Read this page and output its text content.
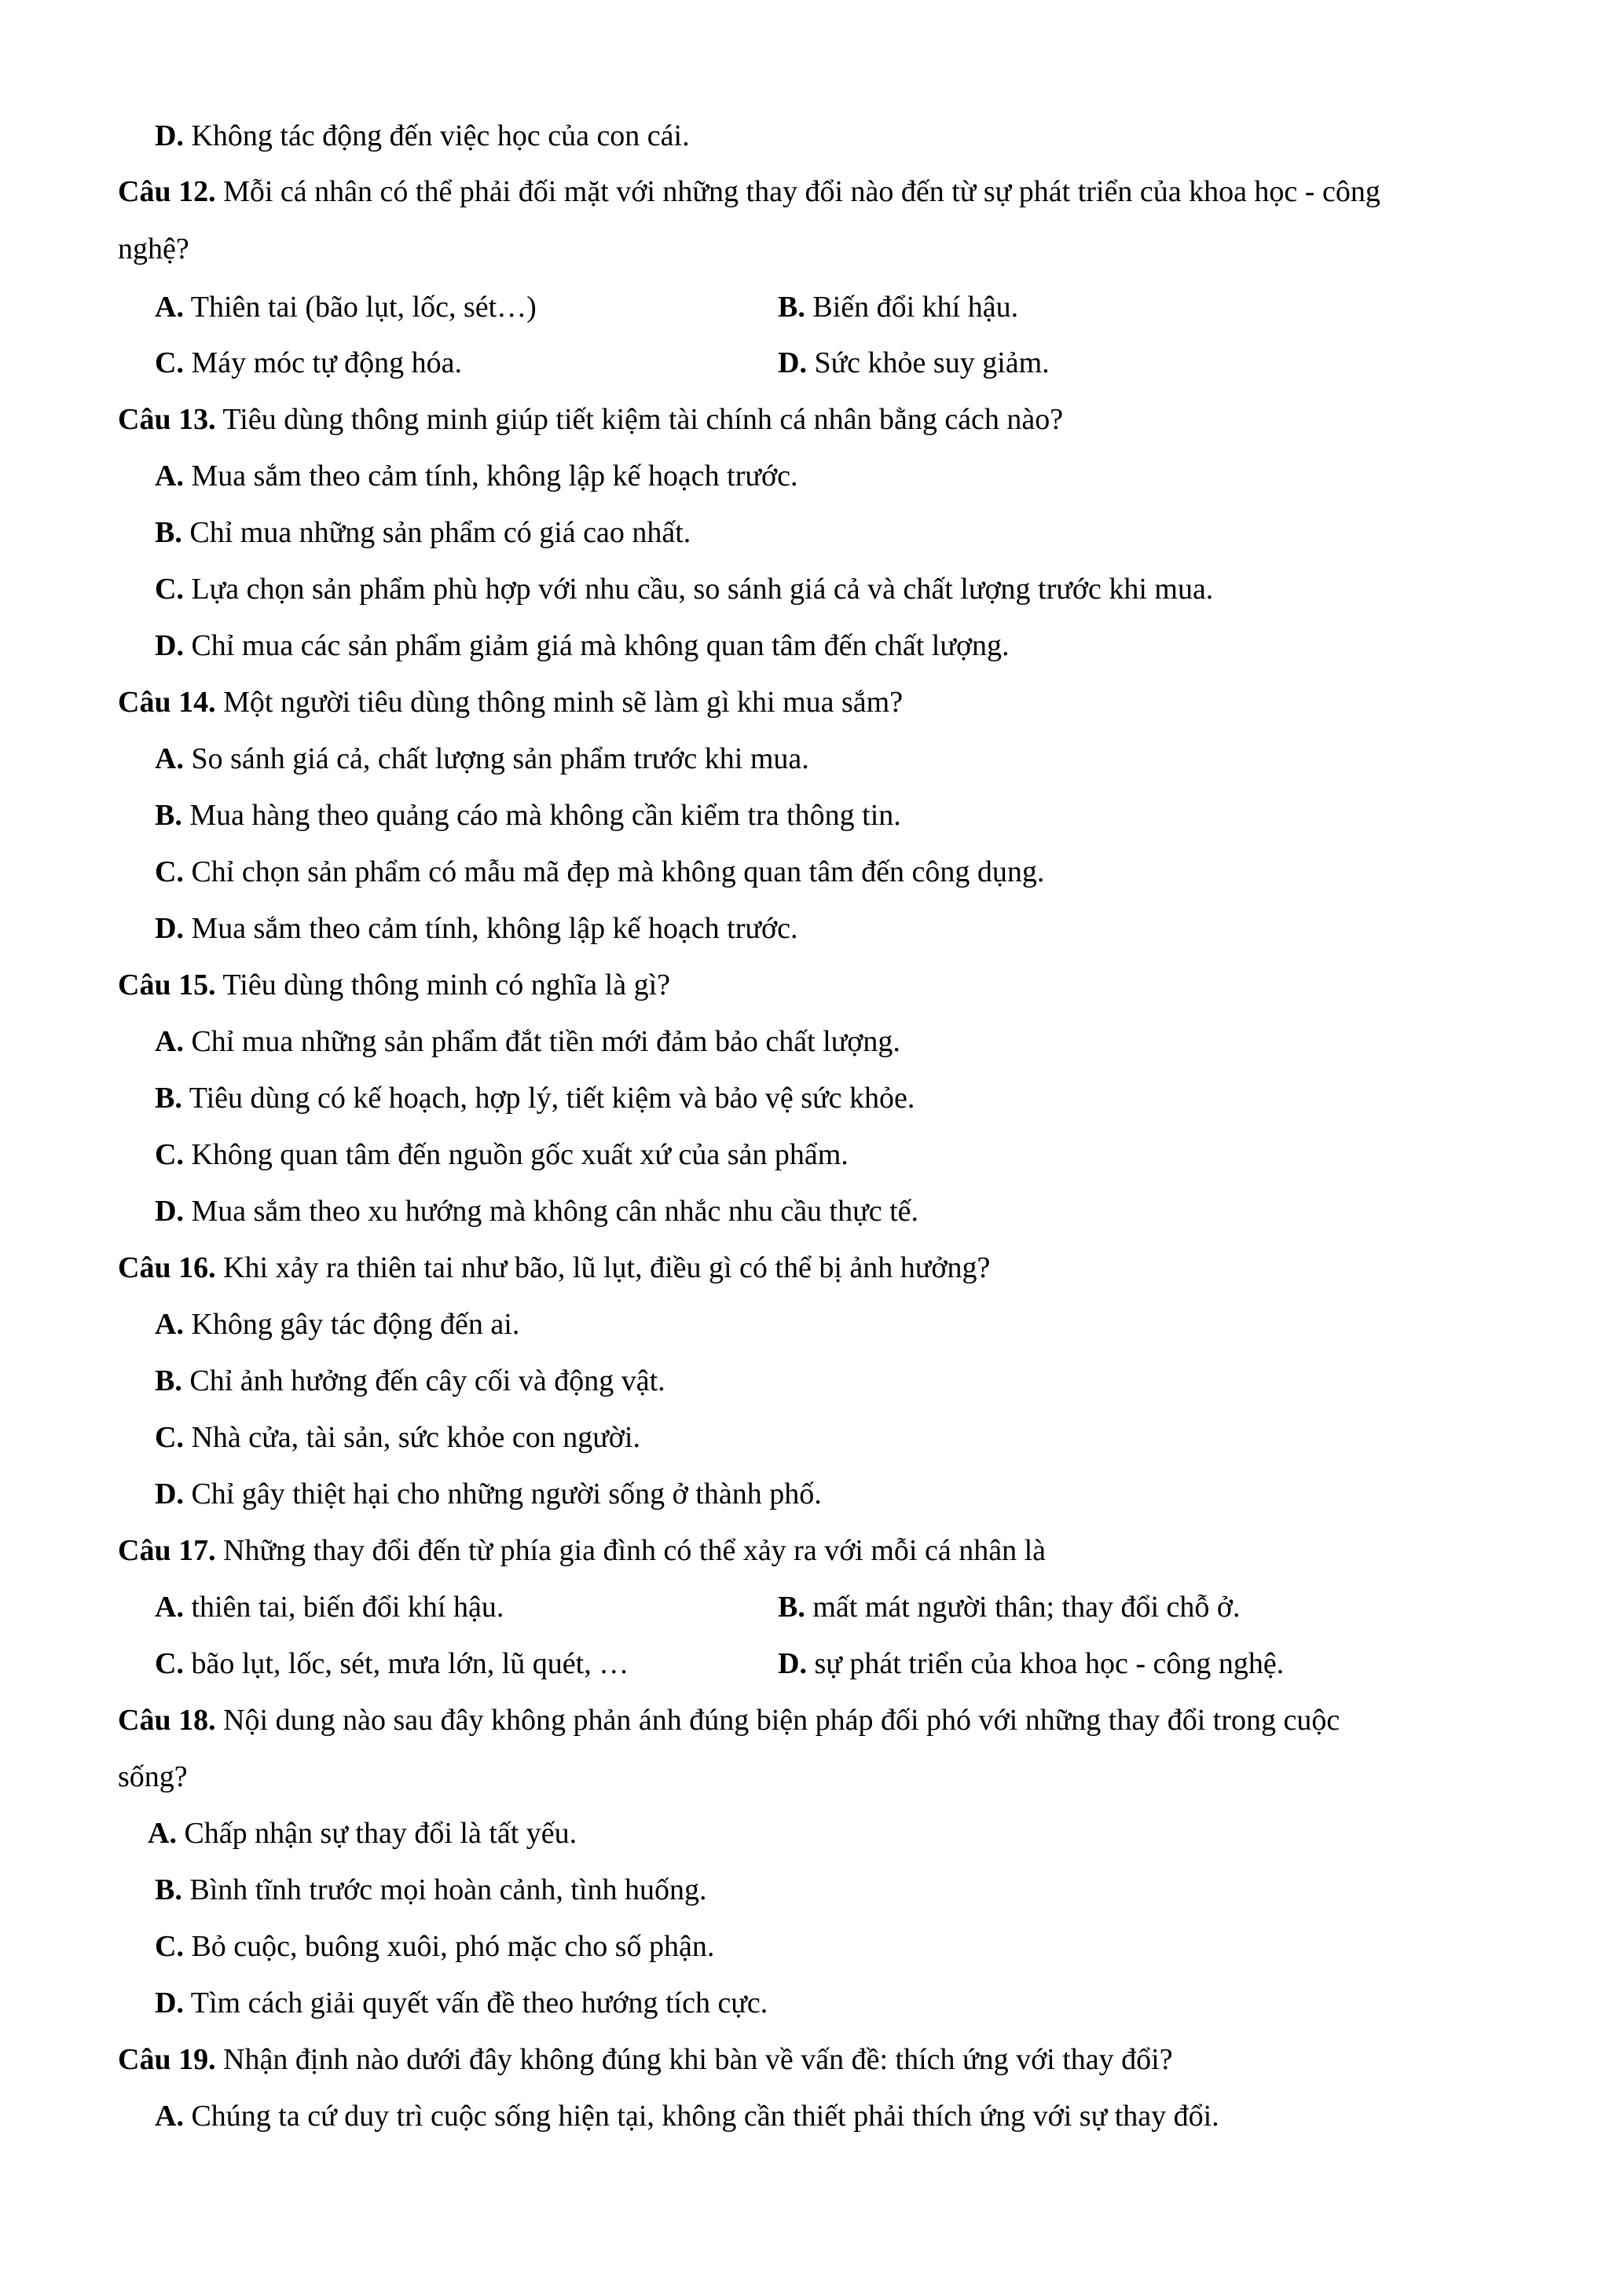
D. Không tác động đến việc học của con cái.
Câu 12. Mỗi cá nhân có thể phải đối mặt với những thay đổi nào đến từ sự phát triển của khoa học - công
nghệ?
A. Thiên tai (bão lụt, lốc, sét…)	B. Biến đổi khí hậu.
C. Máy móc tự động hóa.	D. Sức khỏe suy giảm.
Câu 13. Tiêu dùng thông minh giúp tiết kiệm tài chính cá nhân bằng cách nào?
A. Mua sắm theo cảm tính, không lập kế hoạch trước.
B. Chỉ mua những sản phẩm có giá cao nhất.
C. Lựa chọn sản phẩm phù hợp với nhu cầu, so sánh giá cả và chất lượng trước khi mua.
D. Chỉ mua các sản phẩm giảm giá mà không quan tâm đến chất lượng.
Câu 14. Một người tiêu dùng thông minh sẽ làm gì khi mua sắm?
A. So sánh giá cả, chất lượng sản phẩm trước khi mua.
B. Mua hàng theo quảng cáo mà không cần kiểm tra thông tin.
C. Chỉ chọn sản phẩm có mẫu mã đẹp mà không quan tâm đến công dụng.
D. Mua sắm theo cảm tính, không lập kế hoạch trước.
Câu 15. Tiêu dùng thông minh có nghĩa là gì?
A. Chỉ mua những sản phẩm đắt tiền mới đảm bảo chất lượng.
B. Tiêu dùng có kế hoạch, hợp lý, tiết kiệm và bảo vệ sức khỏe.
C. Không quan tâm đến nguồn gốc xuất xứ của sản phẩm.
D. Mua sắm theo xu hướng mà không cân nhắc nhu cầu thực tế.
Câu 16. Khi xảy ra thiên tai như bão, lũ lụt, điều gì có thể bị ảnh hưởng?
A. Không gây tác động đến ai.
B. Chỉ ảnh hưởng đến cây cối và động vật.
C. Nhà cửa, tài sản, sức khỏe con người.
D. Chỉ gây thiệt hại cho những người sống ở thành phố.
Câu 17. Những thay đổi đến từ phía gia đình có thể xảy ra với mỗi cá nhân là
A. thiên tai, biến đổi khí hậu.	B. mất mát người thân; thay đổi chỗ ở.
C. bão lụt, lốc, sét, mưa lớn, lũ quét, …	D. sự phát triển của khoa học - công nghệ.
Câu 18. Nội dung nào sau đây không phản ánh đúng biện pháp đối phó với những thay đổi trong cuộc
sống?
A. Chấp nhận sự thay đổi là tất yếu.
B. Bình tĩnh trước mọi hoàn cảnh, tình huống.
C. Bỏ cuộc, buông xuôi, phó mặc cho số phận.
D. Tìm cách giải quyết vấn đề theo hướng tích cực.
Câu 19. Nhận định nào dưới đây không đúng khi bàn về vấn đề: thích ứng với thay đổi?
A. Chúng ta cứ duy trì cuộc sống hiện tại, không cần thiết phải thích ứng với sự thay đổi.
